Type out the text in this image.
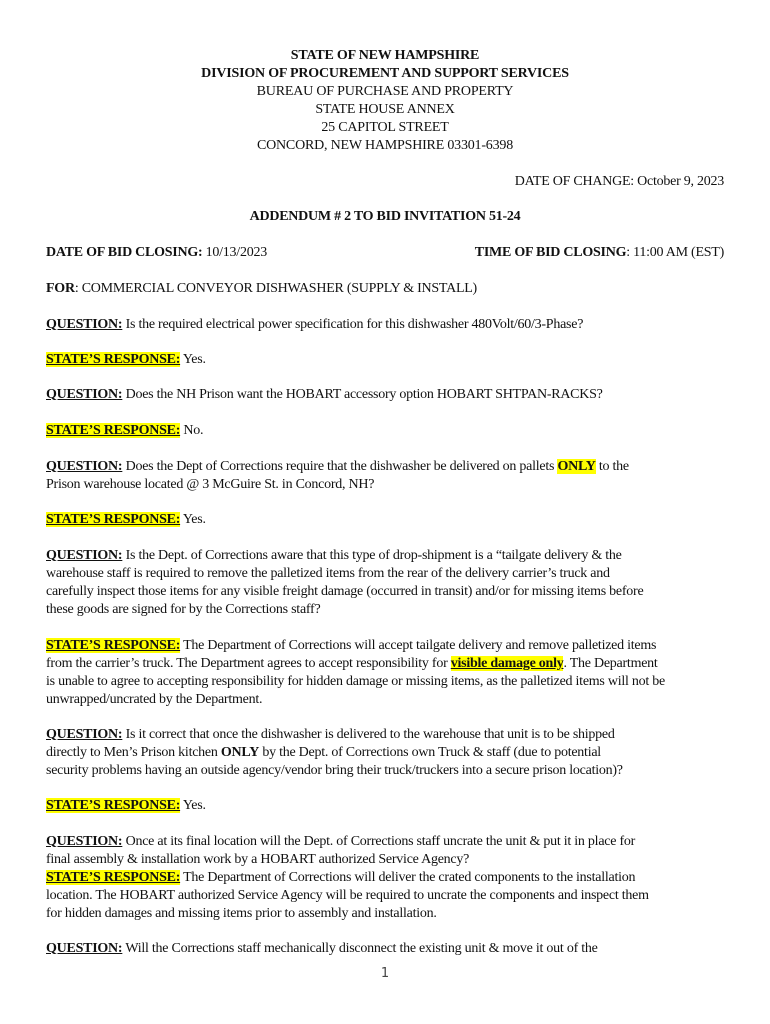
STATE OF NEW HAMPSHIRE
DIVISION OF PROCUREMENT AND SUPPORT SERVICES
BUREAU OF PURCHASE AND PROPERTY
STATE HOUSE ANNEX
25 CAPITOL STREET
CONCORD, NEW HAMPSHIRE 03301-6398
DATE OF CHANGE: October 9, 2023
ADDENDUM # 2 TO BID INVITATION 51-24
DATE OF BID CLOSING: 10/13/2023	TIME OF BID CLOSING: 11:00 AM (EST)
FOR: COMMERCIAL CONVEYOR DISHWASHER (SUPPLY & INSTALL)
QUESTION: Is the required electrical power specification for this dishwasher 480Volt/60/3-Phase?
STATE’S RESPONSE: Yes.
QUESTION: Does the NH Prison want the HOBART accessory option HOBART SHTPAN-RACKS?
STATE’S RESPONSE: No.
QUESTION: Does the Dept of Corrections require that the dishwasher be delivered on pallets ONLY to the
Prison warehouse located @ 3 McGuire St. in Concord, NH?
STATE’S RESPONSE: Yes.
QUESTION: Is the Dept. of Corrections aware that this type of drop-shipment is a “tailgate delivery & the
warehouse staff is required to remove the palletized items from the rear of the delivery carrier’s truck and
carefully inspect those items for any visible freight damage (occurred in transit) and/or for missing items before
these goods are signed for by the Corrections staff?
STATE’S RESPONSE: The Department of Corrections will accept tailgate delivery and remove palletized items
from the carrier’s truck. The Department agrees to accept responsibility for visible damage only. The Department
is unable to agree to accepting responsibility for hidden damage or missing items, as the palletized items will not be
unwrapped/uncrated by the Department.
QUESTION: Is it correct that once the dishwasher is delivered to the warehouse that unit is to be shipped
directly to Men’s Prison kitchen ONLY by the Dept. of Corrections own Truck & staff (due to potential
security problems having an outside agency/vendor bring their truck/truckers into a secure prison location)?
STATE’S RESPONSE: Yes.
QUESTION: Once at its final location will the Dept. of Corrections staff uncrate the unit & put it in place for
final assembly & installation work by a HOBART authorized Service Agency?
STATE’S RESPONSE: The Department of Corrections will deliver the crated components to the installation
location. The HOBART authorized Service Agency will be required to uncrate the components and inspect them
for hidden damages and missing items prior to assembly and installation.
QUESTION: Will the Corrections staff mechanically disconnect the existing unit & move it out of the
1
